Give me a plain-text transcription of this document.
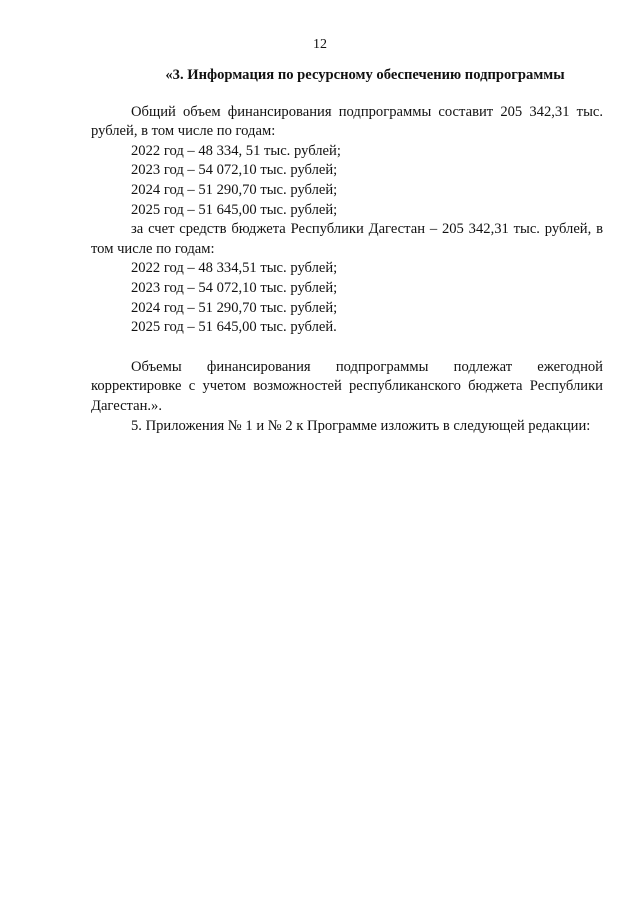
12

«3. Информация по ресурсному обеспечению подпрограммы

Общий объем финансирования подпрограммы составит 205 342,31 тыс. рублей, в том числе по годам:

2022 год – 48 334, 51 тыс. рублей;

2023 год – 54 072,10 тыс. рублей;

2024 год – 51 290,70 тыс. рублей;

2025 год – 51 645,00 тыс. рублей;

за счет средств бюджета Республики Дагестан – 205 342,31 тыс. рублей, в том числе по годам:

2022 год – 48 334,51 тыс. рублей;

2023 год – 54 072,10 тыс. рублей;

2024 год – 51 290,70 тыс. рублей;

2025 год – 51 645,00 тыс. рублей.

Объемы финансирования подпрограммы подлежат ежегодной корректировке с учетом возможностей республиканского бюджета Республики Дагестан.».

5. Приложения № 1 и № 2 к Программе изложить в следующей редакции:
